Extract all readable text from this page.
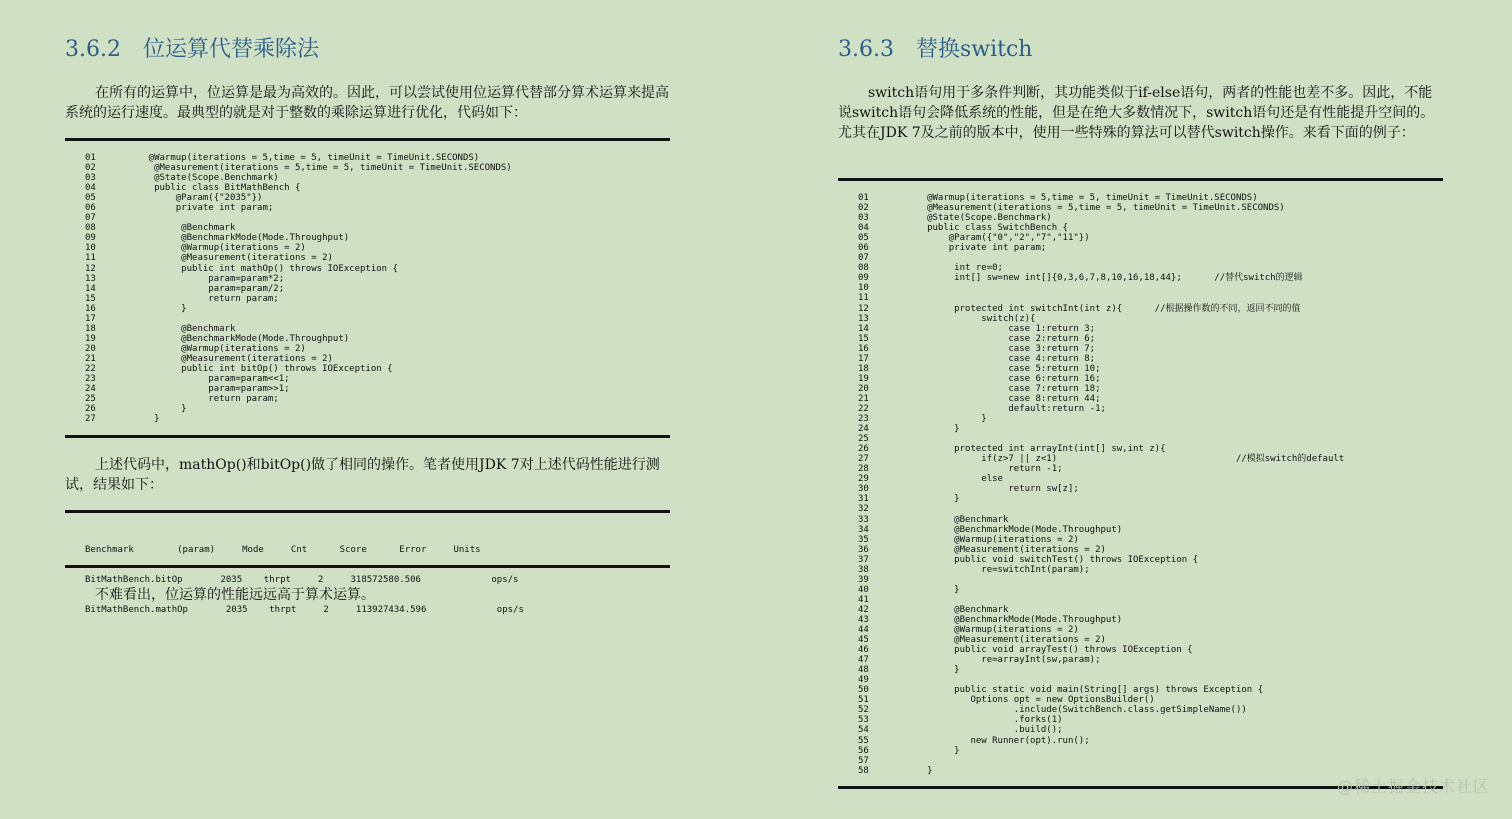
3.6.2 位运算代替乘除法

在所有的运算中，位运算是最为高效的。因此，可以尝试使用位运算代替部分算术运算来提高系统的运行速度。最典型的就是对于整数的乘除运算进行优化，代码如下：

01	@Warmup(iterations = 5,time = 5, timeUnit = TimeUnit.SECONDS)
02	@Measurement(iterations = 5,time = 5, timeUnit = TimeUnit.SECONDS)
03	@State(Scope.Benchmark)
04	public class BitMathBench {
05	@Param({"2035"})
06	private int param;
07
08	@Benchmark
09	@BenchmarkMode(Mode.Throughput)
10	@Warmup(iterations = 2)
11	@Measurement(iterations = 2)
12	public int mathOp() throws IOException {
13	param=param*2;
14	param=param/2;
15	return param;
16	}
17
18	@Benchmark
19	@BenchmarkMode(Mode.Throughput)
20	@Warmup(iterations = 2)
21	@Measurement(iterations = 2)
22	public int bitOp() throws IOException {
23	param=param<<1;
24	param=param>>1;
25	return param;
26	}
27	}

上述代码中，mathOp()和bitOp()做了相同的操作。笔者使用JDK 7对上述代码性能进行测试，结果如下：

Benchmark        (param)     Mode     Cnt      Score      Error     Units

BitMathBench.bitOp       2035    thrpt     2     318572580.506             ops/s

BitMathBench.mathOp       2035    thrpt     2     113927434.596             ops/s

不难看出，位运算的性能远远高于算术运算。

3.6.3 替换switch

switch语句用于多条件判断，其功能类似于if-else语句，两者的性能也差不多。因此，不能说switch语句会降低系统的性能，但是在绝大多数情况下，switch语句还是有性能提升空间的。尤其在JDK 7及之前的版本中，使用一些特殊的算法可以替代switch操作。来看下面的例子：

01	@Warmup(iterations = 5,time = 5, timeUnit = TimeUnit.SECONDS)
02	@Measurement(iterations = 5,time = 5, timeUnit = TimeUnit.SECONDS)
03	@State(Scope.Benchmark)
04	public class SwitchBench {
05	@Param({"0","2","7","11"})
06	private int param;
07
08	int re=0;
09	int[] sw=new int[]{0,3,6,7,8,10,16,18,44};      //替代switch的逻辑
10
11
12	protected int switchInt(int z){      //根据操作数的不同，返回不同的值
13	switch(z){
14	case 1:return 3;
15	case 2:return 6;
16	case 3:return 7;
17	case 4:return 8;
18	case 5:return 10;
19	case 6:return 16;
20	case 7:return 18;
21	case 8:return 44;
22	default:return -1;
23	}
24	}
25
26	protected int arrayInt(int[] sw,int z){
27	if(z>7 || z<1)                                 //模拟switch的default
28	return -1;
29	else
30	return sw[z];
31	}
32
33	@Benchmark
34	@BenchmarkMode(Mode.Throughput)
35	@Warmup(iterations = 2)
36	@Measurement(iterations = 2)
37	public void switchTest() throws IOException {
38	re=switchInt(param);
39
40	}
41
42	@Benchmark
43	@BenchmarkMode(Mode.Throughput)
44	@Warmup(iterations = 2)
45	@Measurement(iterations = 2)
46	public void arrayTest() throws IOException {
47	re=arrayInt(sw,param);
48	}
49
50	public static void main(String[] args) throws Exception {
51	Options opt = new OptionsBuilder()
52	.include(SwitchBench.class.getSimpleName())
53	.forks(1)
54	.build();
55	new Runner(opt).run();
56	}
57
58	}
@稀土掘金技术社区
